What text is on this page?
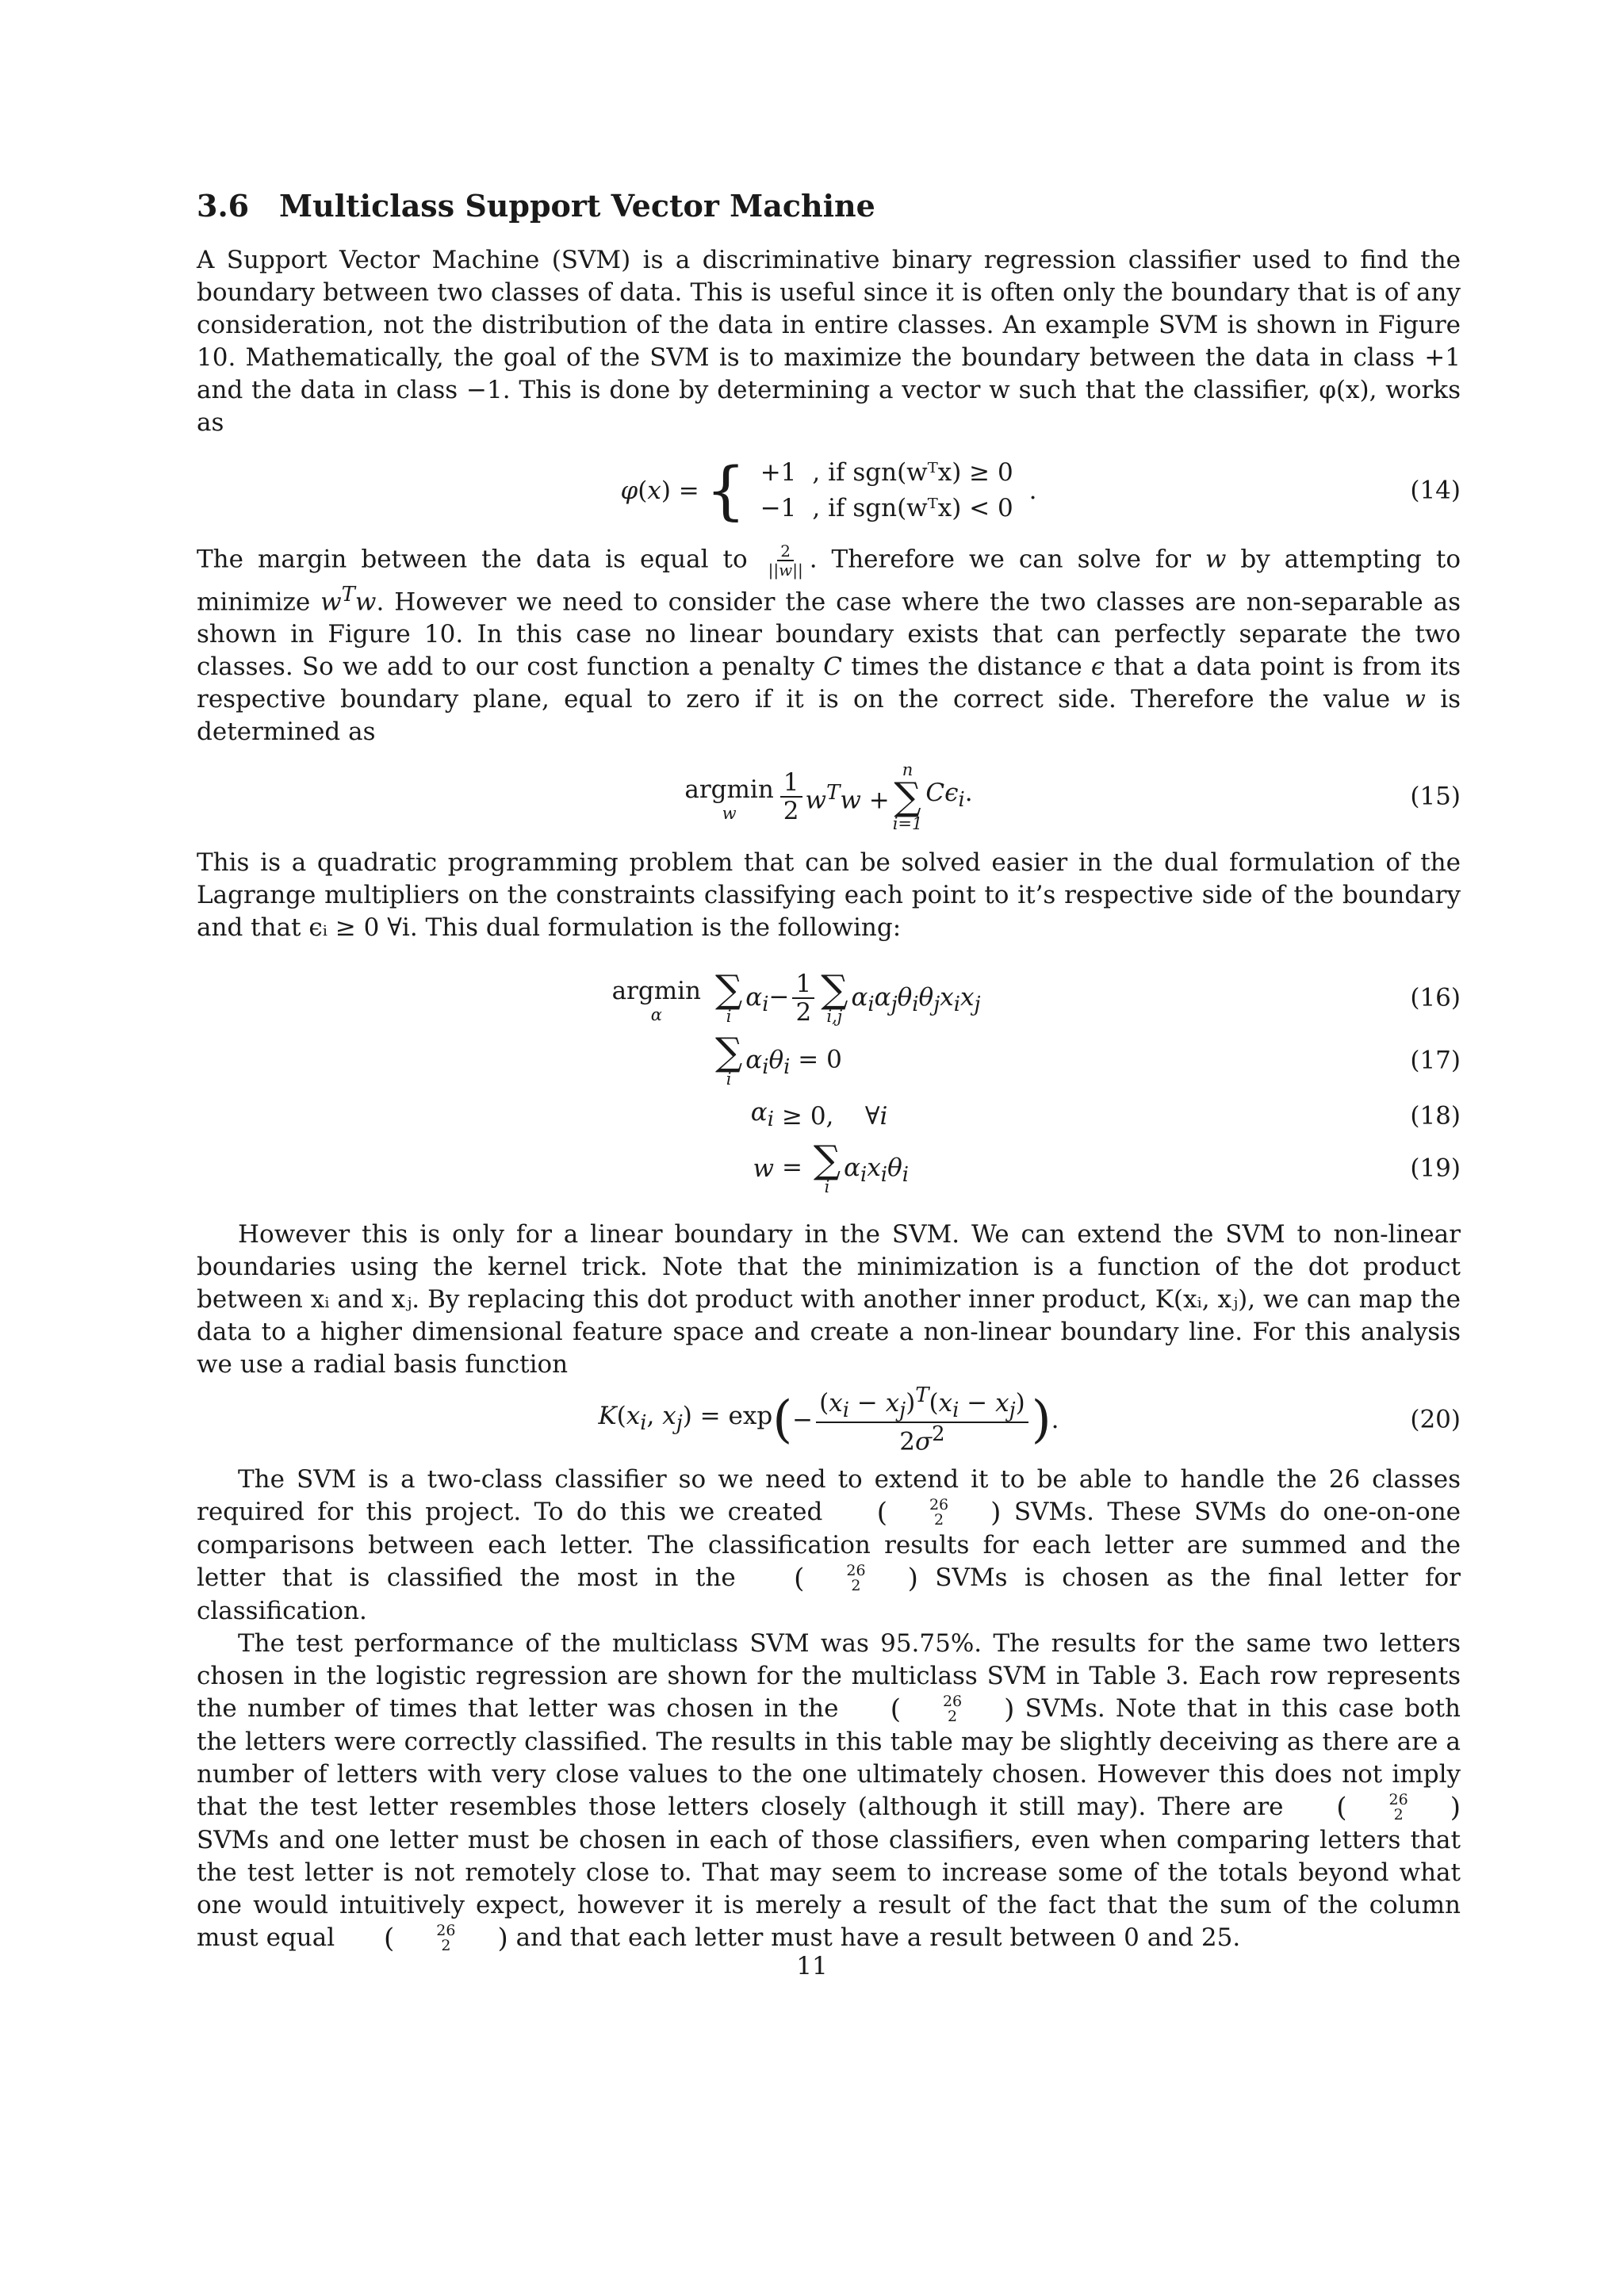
3.6 Multiclass Support Vector Machine

A Support Vector Machine (SVM) is a discriminative binary regression classifier used to find the boundary between two classes of data. This is useful since it is often only the boundary that is of any consideration, not the distribution of the data in entire classes. An example SVM is shown in Figure 10. Mathematically, the goal of the SVM is to maximize the boundary between the data in class +1 and the data in class −1. This is done by determining a vector w such that the classifier, φ(x), works as

φ(x) = { +1	, if sgn(wᵀx) ≥ 0
−1	, if sgn(wᵀx) < 0
.	(14)

The margin between the data is equal to $\frac{2}{||w||}$ . Therefore we can solve for w by attempting to minimize $w^Tw$. However we need to consider the case where the two classes are non-separable as shown in Figure 10. In this case no linear boundary exists that can perfectly separate the two classes. So we add to our cost function a penalty C times the distance ϵ that a data point is from its respective boundary plane, equal to zero if it is on the correct side. Therefore the value w is determined as

argmin
w $\frac{1}{2} w^Tw$ +
n
∑
i=1
$C\epsilon_i$.	(15)

This is a quadratic programming problem that can be solved easier in the dual formulation of the Lagrange multipliers on the constraints classifying each point to it’s respective side of the boundary and that ϵᵢ ≥ 0 ∀i. This dual formulation is the following:

argmin
α
∑
i
$\alpha_i- \frac{1}{2}$ ∑
i,j
$\alpha_i\alpha_j\theta_i\theta_jx_ix_j$	(16)
∑
i
$\alpha_i\theta_i = 0$	(17)
$\alpha_i \ge 0$,    ∀i	(18)
w = ∑
i
$\alpha_ix_i\theta_i$	(19)

However this is only for a linear boundary in the SVM. We can extend the SVM to non-linear boundaries using the kernel trick. Note that the minimization is a function of the dot product between xᵢ and xⱼ. By replacing this dot product with another inner product, K(xᵢ, xⱼ), we can map the data to a higher dimensional feature space and create a non-linear boundary line. For this analysis we use a radial basis function

$K(x_i$, $x_j) = \exp$ ( − $\frac{(x_i - x_j)^T(x_i - x_j)}{2\sigma^2}$ ) .	(20)

The SVM is a two-class classifier so we need to extend it to be able to handle the 26 classes required for this project. To do this we created (	26
2 ) SVMs. These SVMs do one-on-one comparisons between each letter. The classification results for each letter are summed and the letter that is classified the most in the (	26
2 ) SVMs is chosen as the final letter for classification.

The test performance of the multiclass SVM was 95.75%. The results for the same two letters chosen in the logistic regression are shown for the multiclass SVM in Table 3. Each row represents the number of times that letter was chosen in the (	26
2 ) SVMs. Note that in this case both the letters were correctly classified. The results in this table may be slightly deceiving as there are a number of letters with very close values to the one ultimately chosen. However this does not imply that the test letter resembles those letters closely (although it still may). There are (	26
2 ) SVMs and one letter must be chosen in each of those classifiers, even when comparing letters that the test letter is not remotely close to. That may seem to increase some of the totals beyond what one would intuitively expect, however it is merely a result of the fact that the sum of the column must equal (	26
2 ) and that each letter must have a result between 0 and 25.

11
